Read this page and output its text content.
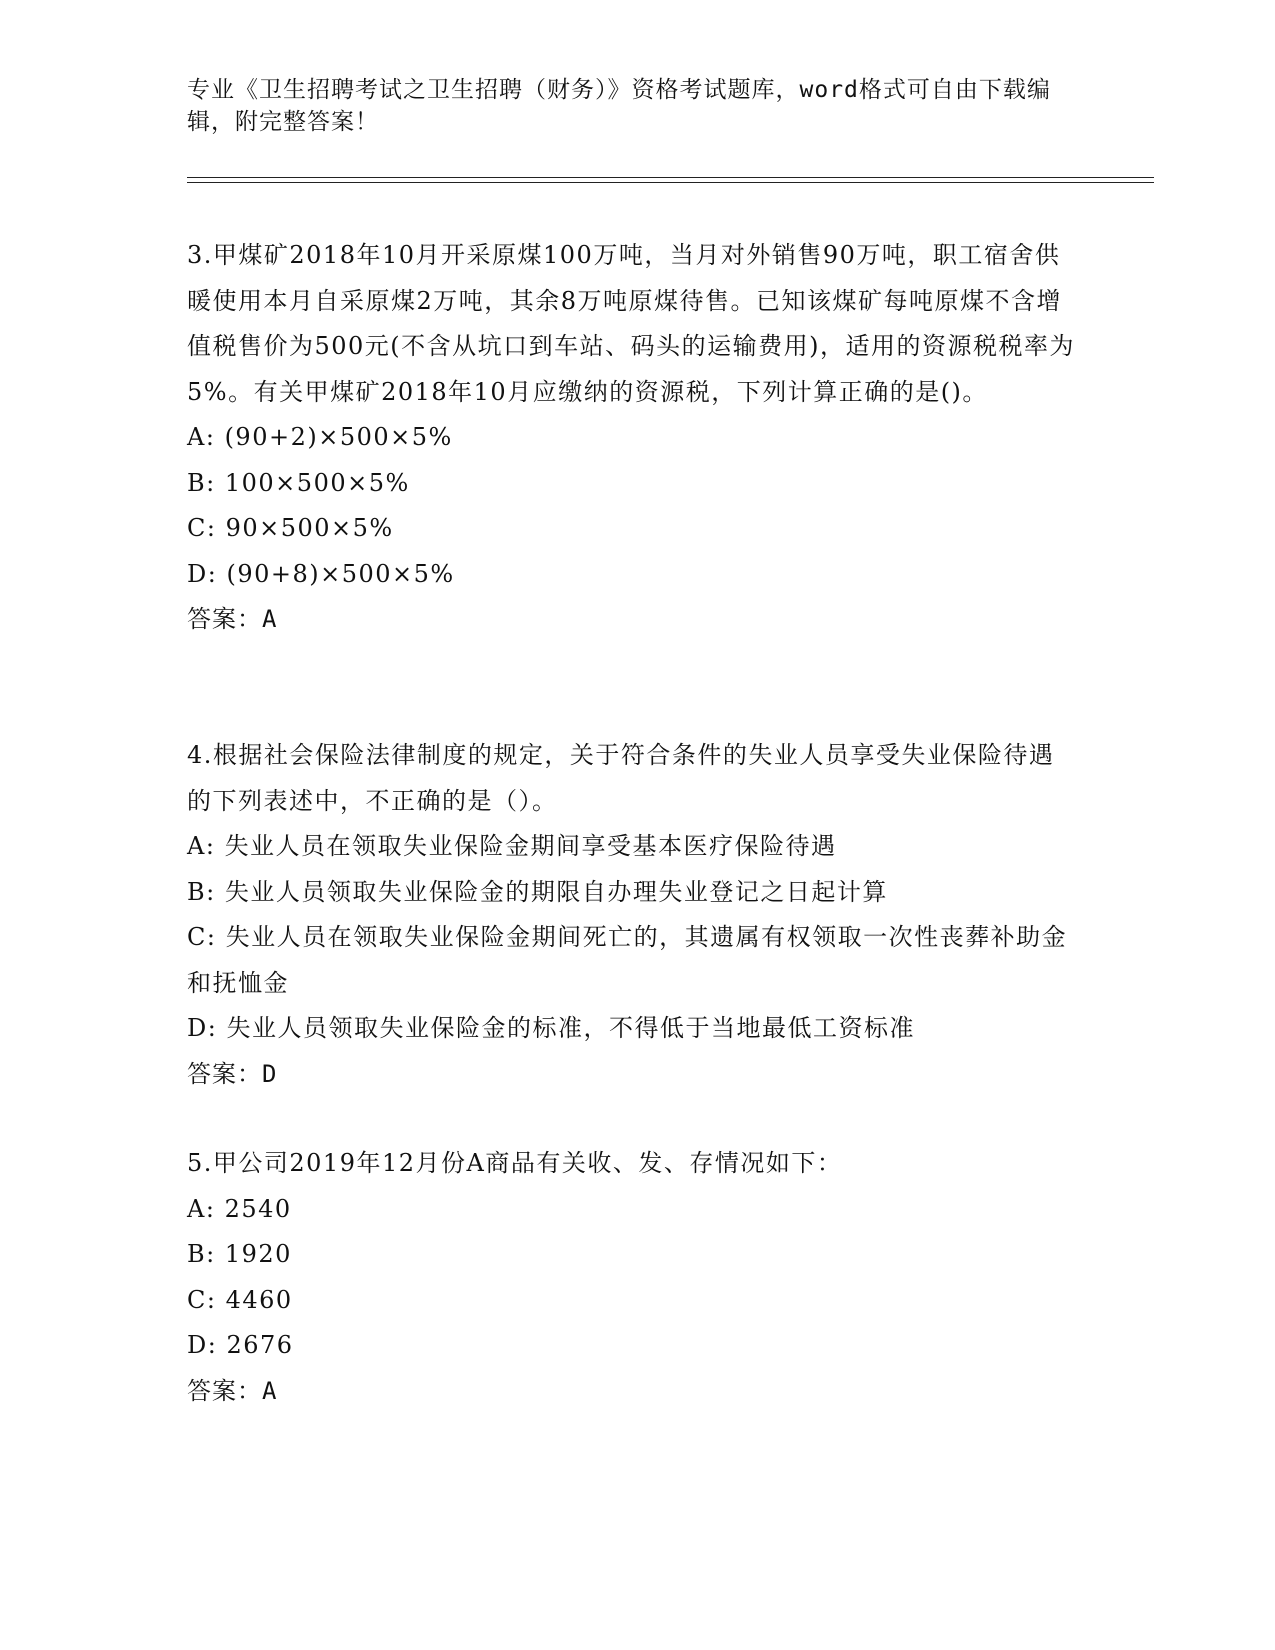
专业《卫生招聘考试之卫生招聘（财务）》资格考试题库，word格式可自由下载编辑，附完整答案！
3.甲煤矿2018年10月开采原煤100万吨，当月对外销售90万吨，职工宿舍供暖使用本月自采原煤2万吨，其余8万吨原煤待售。已知该煤矿每吨原煤不含增值税售价为500元(不含从坑口到车站、码头的运输费用)，适用的资源税税率为5%。有关甲煤矿2018年10月应缴纳的资源税，下列计算正确的是()。
A: (90+2)×500×5%
B: 100×500×5%
C: 90×500×5%
D: (90+8)×500×5%
答案：A
4.根据社会保险法律制度的规定，关于符合条件的失业人员享受失业保险待遇的下列表述中，不正确的是（）。
A: 失业人员在领取失业保险金期间享受基本医疗保险待遇
B: 失业人员领取失业保险金的期限自办理失业登记之日起计算
C: 失业人员在领取失业保险金期间死亡的，其遗属有权领取一次性丧葬补助金和抚恤金
D: 失业人员领取失业保险金的标准，不得低于当地最低工资标准
答案：D
5.甲公司2019年12月份A商品有关收、发、存情况如下：
A: 2540
B: 1920
C: 4460
D: 2676
答案：A
